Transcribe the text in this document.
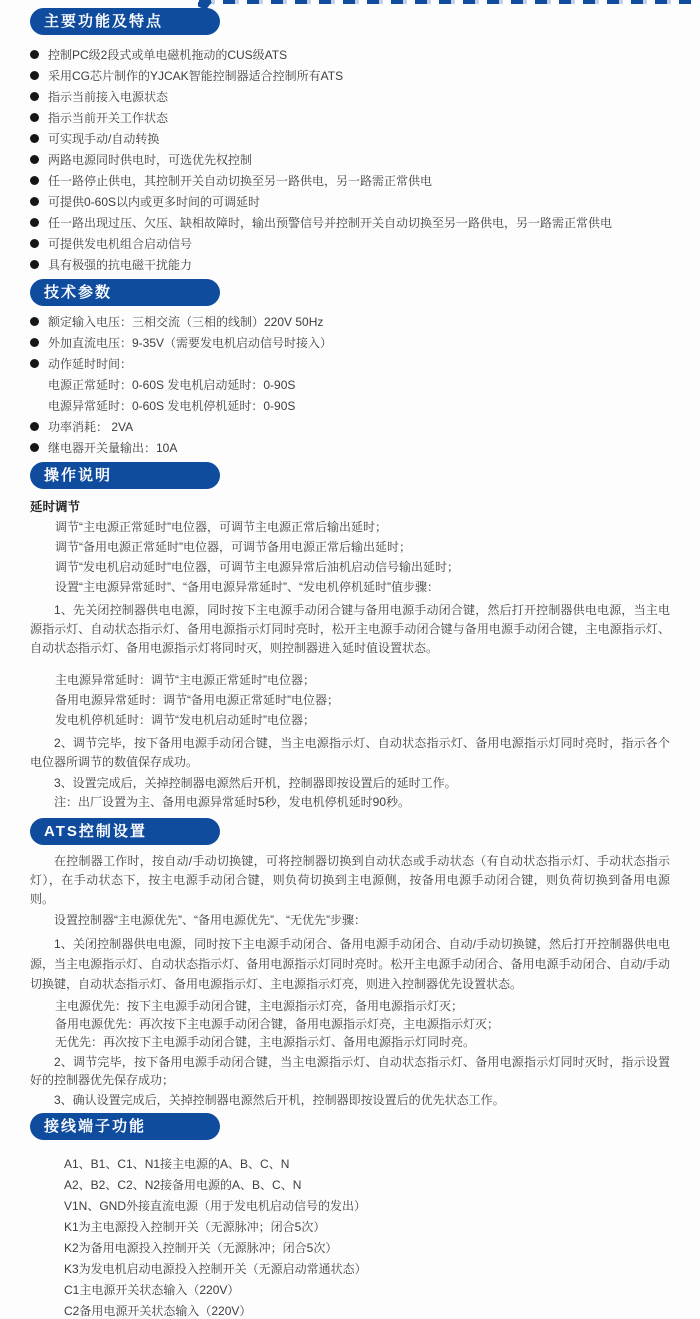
主要功能及特点
控制PC级2段式或单电磁机拖动的CUS级ATS
采用CG芯片制作的YJCAK智能控制器适合控制所有ATS
指示当前接入电源状态
指示当前开关工作状态
可实现手动/自动转换
两路电源同时供电时，可选优先权控制
任一路停止供电，其控制开关自动切换至另一路供电，另一路需正常供电
可提供0-60S以内或更多时间的可调延时
任一路出现过压、欠压、缺相故障时，输出预警信号并控制开关自动切换至另一路供电，另一路需正常供电
可提供发电机组合启动信号
具有极强的抗电磁干扰能力
技术参数
额定输入电压：三相交流（三相的线制）220V 50Hz
外加直流电压：9-35V（需要发电机启动信号时接入）
动作延时时间：
电源正常延时：0-60S 发电机启动延时：0-90S
电源异常延时：0-60S 发电机停机延时：0-90S
功率消耗： 2VA
继电器开关量输出：10A
操作说明

延时调节

调节“主电源正常延时”电位器，可调节主电源正常后输出延时；

调节“备用电源正常延时”电位器，可调节备用电源正常后输出延时；

调节“发电机启动延时”电位器，可调节主电源异常后油机启动信号输出延时；

设置“主电源异常延时”、“备用电源异常延时”、“发电机停机延时”值步骤：

1、先关闭控制器供电电源，同时按下主电源手动闭合键与备用电源手动闭合键，然后打开控制器供电电源，当主电源指示灯、自动状态指示灯、备用电源指示灯同时亮时，松开主电源手动闭合键与备用电源手动闭合键，主电源指示灯、自动状态指示灯、备用电源指示灯将同时灭，则控制器进入延时值设置状态。

主电源异常延时：调节“主电源正常延时”电位器；

备用电源异常延时：调节“备用电源正常延时”电位器；

发电机停机延时：调节“发电机启动延时”电位器；

2、调节完毕，按下备用电源手动闭合键，当主电源指示灯、自动状态指示灯、备用电源指示灯同时亮时，指示各个电位器所调节的数值保存成功。

3、设置完成后，关掉控制器电源然后开机，控制器即按设置后的延时工作。

注：出厂设置为主、备用电源异常延时5秒，发电机停机延时90秒。

ATS控制设置

在控制器工作时，按自动/手动切换键，可将控制器切换到自动状态或手动状态（有自动状态指示灯、手动状态指示灯），在手动状态下，按主电源手动闭合键，则负荷切换到主电源侧，按备用电源手动闭合键，则负荷切换到备用电源则。

设置控制器“主电源优先”、“备用电源优先”、“无优先”步骤：

1、关闭控制器供电电源，同时按下主电源手动闭合、备用电源手动闭合、自动/手动切换键，然后打开控制器供电电源，当主电源指示灯、自动状态指示灯、备用电源指示灯同时亮时。松开主电源手动闭合、备用电源手动闭合、自动/手动切换键，自动状态指示灯、备用电源指示灯、主电源指示灯亮，则进入控制器优先设置状态。

主电源优先：按下主电源手动闭合键，主电源指示灯亮，备用电源指示灯灭；

备用电源优先：再次按下主电源手动闭合键，备用电源指示灯亮，主电源指示灯灭；

无优先：再次按下主电源手动闭合键，主电源指示灯、备用电源指示灯同时亮。

2、调节完毕，按下备用电源手动闭合键，当主电源指示灯、自动状态指示灯、备用电源指示灯同时灭时，指示设置好的控制器优先保存成功；

3、确认设置完成后，关掉控制器电源然后开机，控制器即按设置后的优先状态工作。

接线端子功能
A1、B1、C1、N1接主电源的A、B、C、N
A2、B2、C2、N2接备用电源的A、B、C、N
V1N、GND外接直流电源（用于发电机启动信号的发出）
K1为主电源投入控制开关（无源脉冲；闭合5次）
K2为备用电源投入控制开关（无源脉冲；闭合5次）
K3为发电机启动电源投入控制开关（无源启动常通状态）
C1主电源开关状态输入（220V）
C2备用电源开关状态输入（220V）
